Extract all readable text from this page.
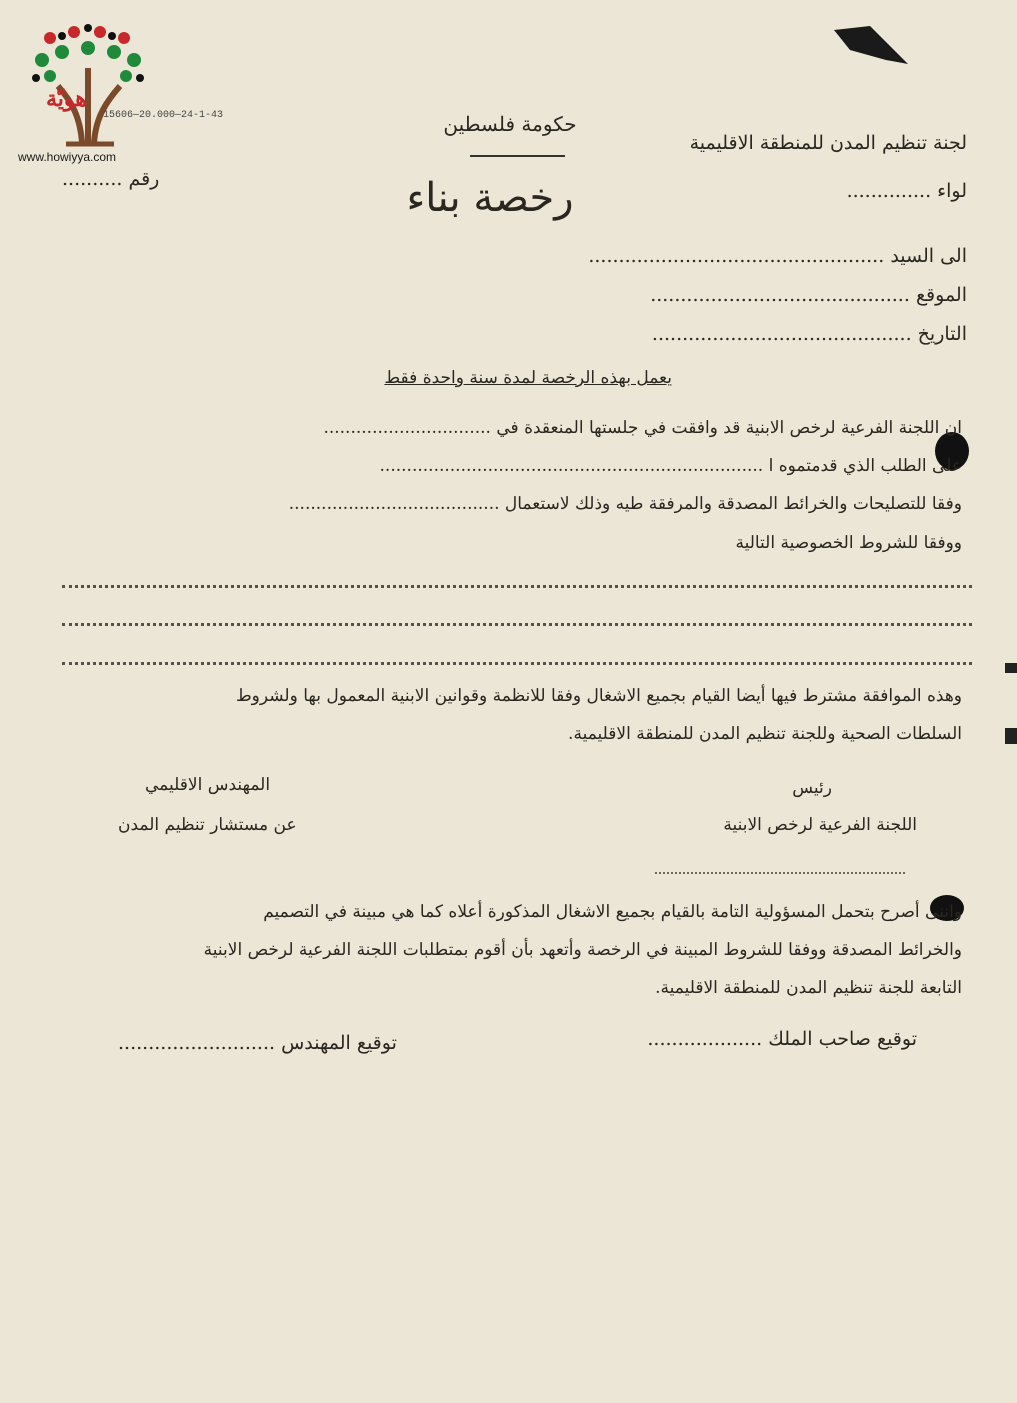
هويّة
www.howiyya.com
15606—20.000—24-1-43	حكومة فلسطين
رخصة بناء
لجنة تنظيم المدن للمنطقة الاقليمية
لواء ..............
رقم ..........
الى السيد .................................................
الموقع ...........................................
التاريخ ...........................................
يعمل بهذه الرخصة لمدة سنة واحدة فقط
ان اللجنة الفرعية لرخص الابنية قد وافقت في جلستها المنعقدة في ...............................
على الطلب الذي قدمتموه ا .......................................................................
وفقا للتصليحات والخرائط المصدقة والمرفقة طيه وذلك لاستعمال .......................................
ووفقا للشروط الخصوصية التالية
وهذه الموافقة مشترط فيها أيضا القيام بجميع الاشغال وفقا للانظمة وقوانين الابنية المعمول بها ولشروط
السلطات الصحية وللجنة تنظيم المدن للمنطقة الاقليمية.
رئيس
اللجنة الفرعية لرخص الابنية
المهندس الاقليمي
عن مستشار تنظيم المدن
واننى أصرح بتحمل المسؤولية التامة بالقيام بجميع الاشغال المذكورة أعلاه كما هي مبينة في التصميم
والخرائط المصدقة ووفقا للشروط المبينة في الرخصة وأتعهد بأن أقوم بمتطلبات اللجنة الفرعية لرخص الابنية
التابعة للجنة تنظيم المدن للمنطقة الاقليمية.
توقيع صاحب الملك ...................
توقيع المهندس ..........................
